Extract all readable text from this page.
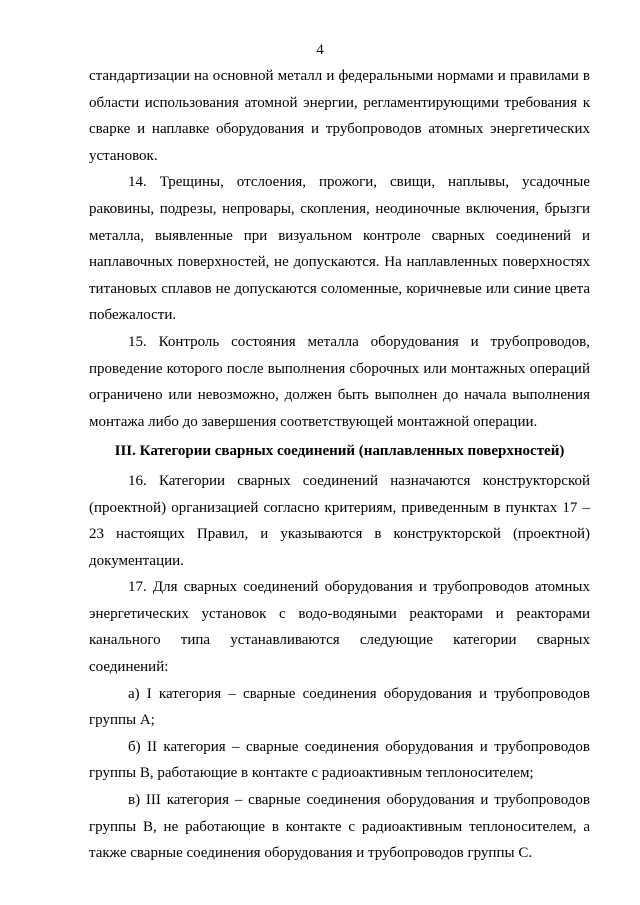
4

стандартизации на основной металл и федеральными нормами и правилами в области использования атомной энергии, регламентирующими требования к сварке и наплавке оборудования и трубопроводов атомных энергетических установок.

14. Трещины, отслоения, прожоги, свищи, наплывы, усадочные раковины, подрезы, непровары, скопления, неодиночные включения, брызги металла, выявленные при визуальном контроле сварных соединений и наплавочных поверхностей, не допускаются. На наплавленных поверхностях титановых сплавов не допускаются соломенные, коричневые или синие цвета побежалости.

15. Контроль состояния металла оборудования и трубопроводов, проведение которого после выполнения сборочных или монтажных операций ограничено или невозможно, должен быть выполнен до начала выполнения монтажа либо до завершения соответствующей монтажной операции.

III. Категории сварных соединений (наплавленных поверхностей)

16. Категории сварных соединений назначаются конструкторской (проектной) организацией согласно критериям, приведенным в пунктах 17 – 23 настоящих Правил, и указываются в конструкторской (проектной) документации.

17. Для сварных соединений оборудования и трубопроводов атомных энергетических установок с водо-водяными реакторами и реакторами канального типа устанавливаются следующие категории сварных соединений:

а) I категория – сварные соединения оборудования и трубопроводов группы А;

б) II категория – сварные соединения оборудования и трубопроводов группы В, работающие в контакте с радиоактивным теплоносителем;

в) III категория – сварные соединения оборудования и трубопроводов группы В, не работающие в контакте с радиоактивным теплоносителем, а также сварные соединения оборудования и трубопроводов группы С.
